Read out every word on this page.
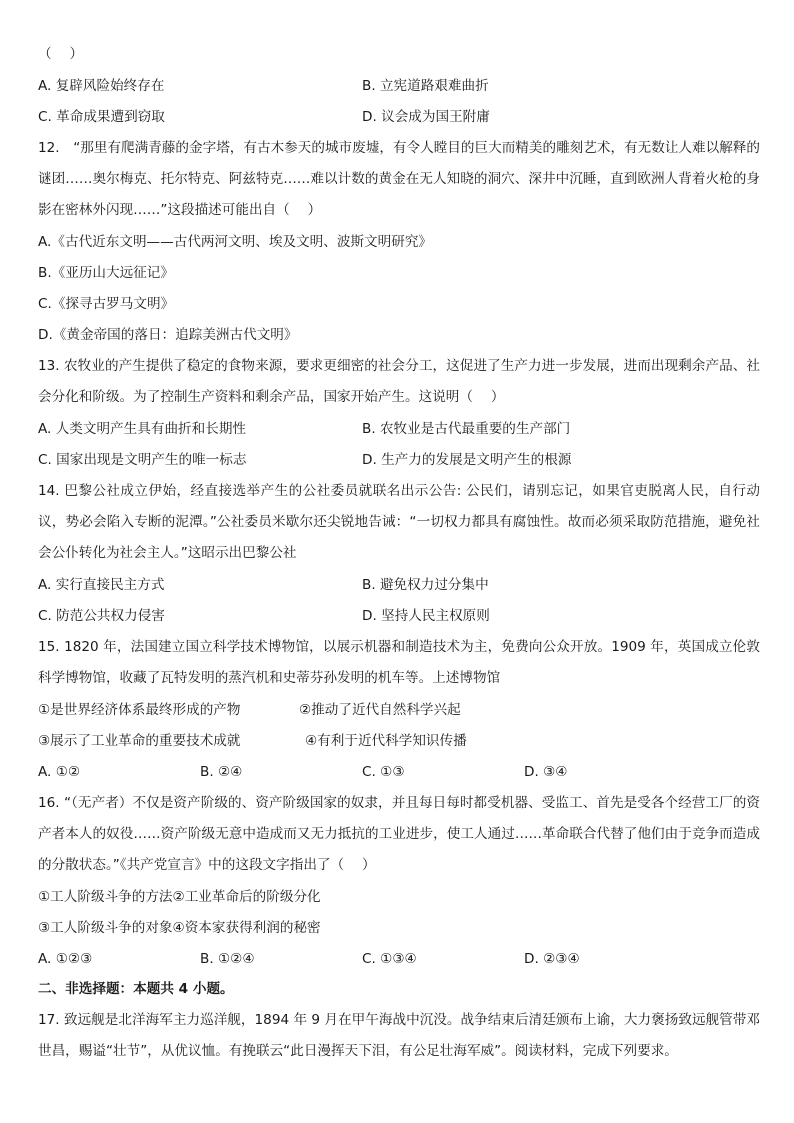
（　 ）
A. 复辟风险始终存在	B. 立宪道路艰难曲折
C. 革命成果遭到窃取	D. 议会成为国王附庸
12.　“那里有爬满青藤的金字塔，有古木参天的城市废墟，有令人瞠目的巨大而精美的雕刻艺术，有无数让人难以解释的谜团……奥尔梅克、托尔特克、阿兹特克……难以计数的黄金在无人知晓的洞穴、深井中沉睡，直到欧洲人背着火枪的身影在密林外闪现……”这段描述可能出自（　 ）
A.《古代近东文明——古代两河文明、埃及文明、波斯文明研究》
B.《亚历山大远征记》
C.《探寻古罗马文明》
D.《黄金帝国的落日：追踪美洲古代文明》
13. 农牧业的产生提供了稳定的食物来源，要求更细密的社会分工，这促进了生产力进一步发展，进而出现剩余产品、社会分化和阶级。为了控制生产资料和剩余产品，国家开始产生。这说明（　 ）
A. 人类文明产生具有曲折和长期性	B. 农牧业是古代最重要的生产部门
C. 国家出现是文明产生的唯一标志	D. 生产力的发展是文明产生的根源
14. 巴黎公社成立伊始，经直接选举产生的公社委员就联名出示公告: 公民们，请别忘记，如果官吏脱离人民，自行动议，势必会陷入专断的泥潭。”公社委员米歇尔还尖锐地告诫：“一切权力都具有腐蚀性。故而必须采取防范措施，避免社会公仆转化为社会主人。”这昭示出巴黎公社
A. 实行直接民主方式	B. 避免权力过分集中
C. 防范公共权力侵害	D. 坚持人民主权原则
15. 1820 年，法国建立国立科学技术博物馆，以展示机器和制造技术为主，免费向公众开放。1909 年，英国成立伦敦科学博物馆，收藏了瓦特发明的蒸汽机和史蒂芬孙发明的机车等。上述博物馆
①是世界经济体系最终形成的产物	②推动了近代自然科学兴起
③展示了工业革命的重要技术成就	④有利于近代科学知识传播
A. ①②	B. ②④	C. ①③	D. ③④
16. “（无产者）不仅是资产阶级的、资产阶级国家的奴隶，并且每日每时都受机器、受监工、首先是受各个经营工厂的资产者本人的奴役……资产阶级无意中造成而又无力抵抗的工业进步，使工人通过……革命联合代替了他们由于竞争而造成的分散状态。”《共产党宣言》中的这段文字指出了（　 ）
①工人阶级斗争的方法②工业革命后的阶级分化
③工人阶级斗争的对象④资本家获得利润的秘密
A. ①②③	B. ①②④	C. ①③④	D. ②③④
二、非选择题：本题共 4 小题。
17. 致远舰是北洋海军主力巡洋舰，1894 年 9 月在甲午海战中沉没。战争结束后清廷颁布上谕，大力褒扬致远舰管带邓世昌，赐谥“壮节”，从优议恤。有挽联云“此日漫挥天下泪，有公足壮海军威”。阅读材料，完成下列要求。
